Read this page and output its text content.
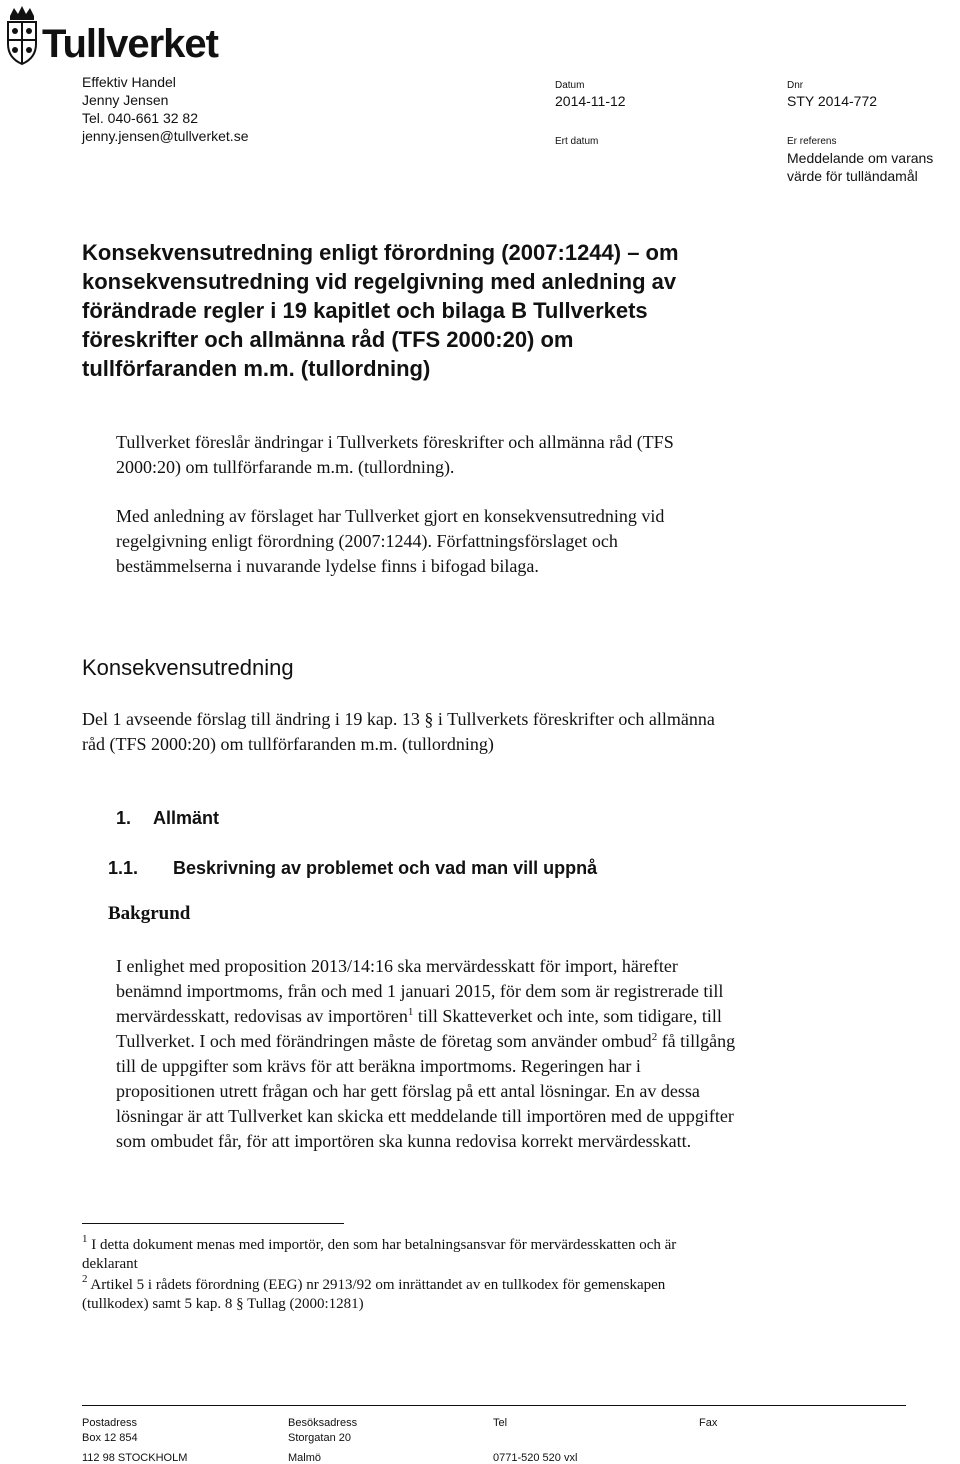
Tullverket
Effektiv Handel
Jenny Jensen
Tel. 040-661 32 82
jenny.jensen@tullverket.se
Datum
2014-11-12
Ert datum
Dnr
STY 2014-772
Er referens
Meddelande om varans
värde för tulländamål
Konsekvensutredning enligt förordning (2007:1244) – om konsekvensutredning vid regelgivning med anledning av förändrade regler i 19 kapitlet och bilaga B Tullverkets föreskrifter och allmänna råd (TFS 2000:20) om tullförfaranden m.m. (tullordning)
Tullverket föreslår ändringar i Tullverkets föreskrifter och allmänna råd (TFS 2000:20) om tullförfarande m.m. (tullordning).
Med anledning av förslaget har Tullverket gjort en konsekvensutredning vid regelgivning enligt förordning (2007:1244). Författningsförslaget och bestämmelserna i nuvarande lydelse finns i bifogad bilaga.
Konsekvensutredning
Del 1 avseende förslag till ändring i 19 kap. 13 § i Tullverkets föreskrifter och allmänna råd (TFS 2000:20) om tullförfaranden m.m. (tullordning)
1. Allmänt
1.1. Beskrivning av problemet och vad man vill uppnå
Bakgrund
I enlighet med proposition 2013/14:16 ska mervärdesskatt för import, härefter benämnd importmoms, från och med 1 januari 2015, för dem som är registrerade till mervärdesskatt, redovisas av importören$^1$ till Skatteverket och inte, som tidigare, till Tullverket. I och med förändringen måste de företag som använder ombud$^2$ få tillgång till de uppgifter som krävs för att beräkna importmoms. Regeringen har i propositionen utrett frågan och har gett förslag på ett antal lösningar. En av dessa lösningar är att Tullverket kan skicka ett meddelande till importören med de uppgifter som ombudet får, för att importören ska kunna redovisa korrekt mervärdesskatt.
$^1$ I detta dokument menas med importör, den som har betalningsansvar för mervärdesskatten och är deklarant
$^2$ Artikel 5 i rådets förordning (EEG) nr 2913/92 om inrättandet av en tullkodex för gemenskapen (tullkodex) samt 5 kap. 8 § Tullag (2000:1281)
Postadress
Box 12 854
112 98 STOCKHOLM
Besöksadress
Storgatan 20
Malmö
Tel
0771-520 520 vxl
Fax
